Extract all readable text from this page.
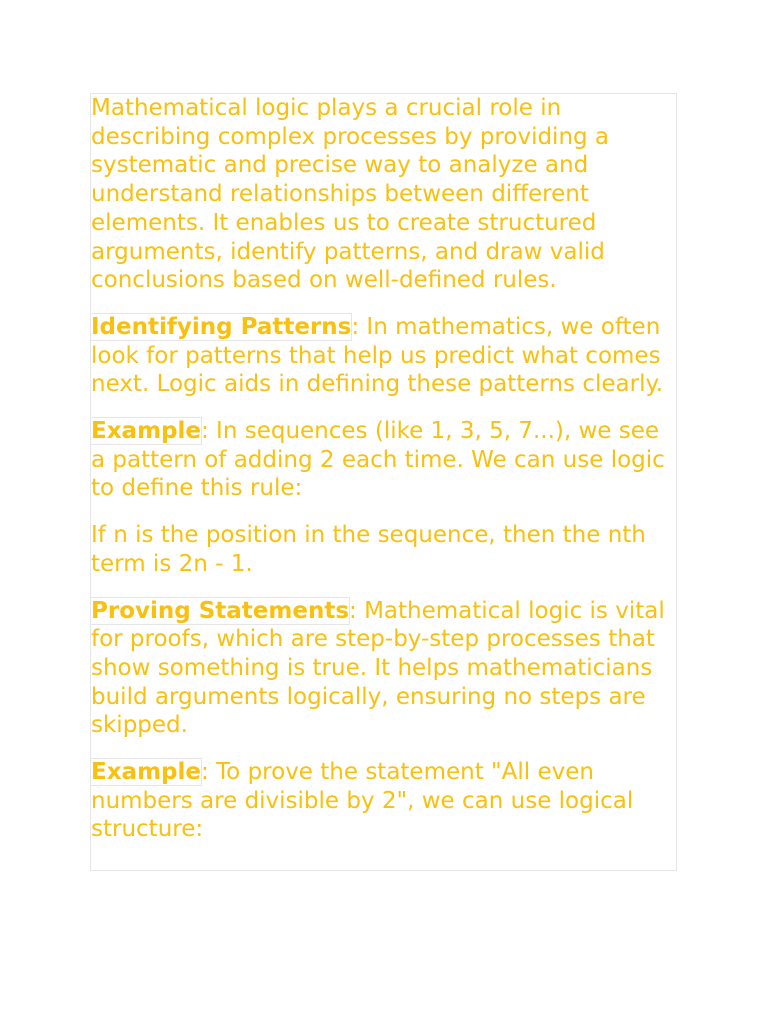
Mathematical logic plays a crucial role in describing complex processes by providing a systematic and precise way to analyze and understand relationships between different elements. It enables us to create structured arguments, identify patterns, and draw valid conclusions based on well-defined rules.

Identifying Patterns: In mathematics, we often look for patterns that help us predict what comes next. Logic aids in defining these patterns clearly.

Example: In sequences (like 1, 3, 5, 7...), we see a pattern of adding 2 each time. We can use logic to define this rule:

If n is the position in the sequence, then the nth term is 2n - 1.

Proving Statements: Mathematical logic is vital for proofs, which are step-by-step processes that show something is true. It helps mathematicians build arguments logically, ensuring no steps are skipped.

Example: To prove the statement "All even numbers are divisible by 2", we can use logical structure:
